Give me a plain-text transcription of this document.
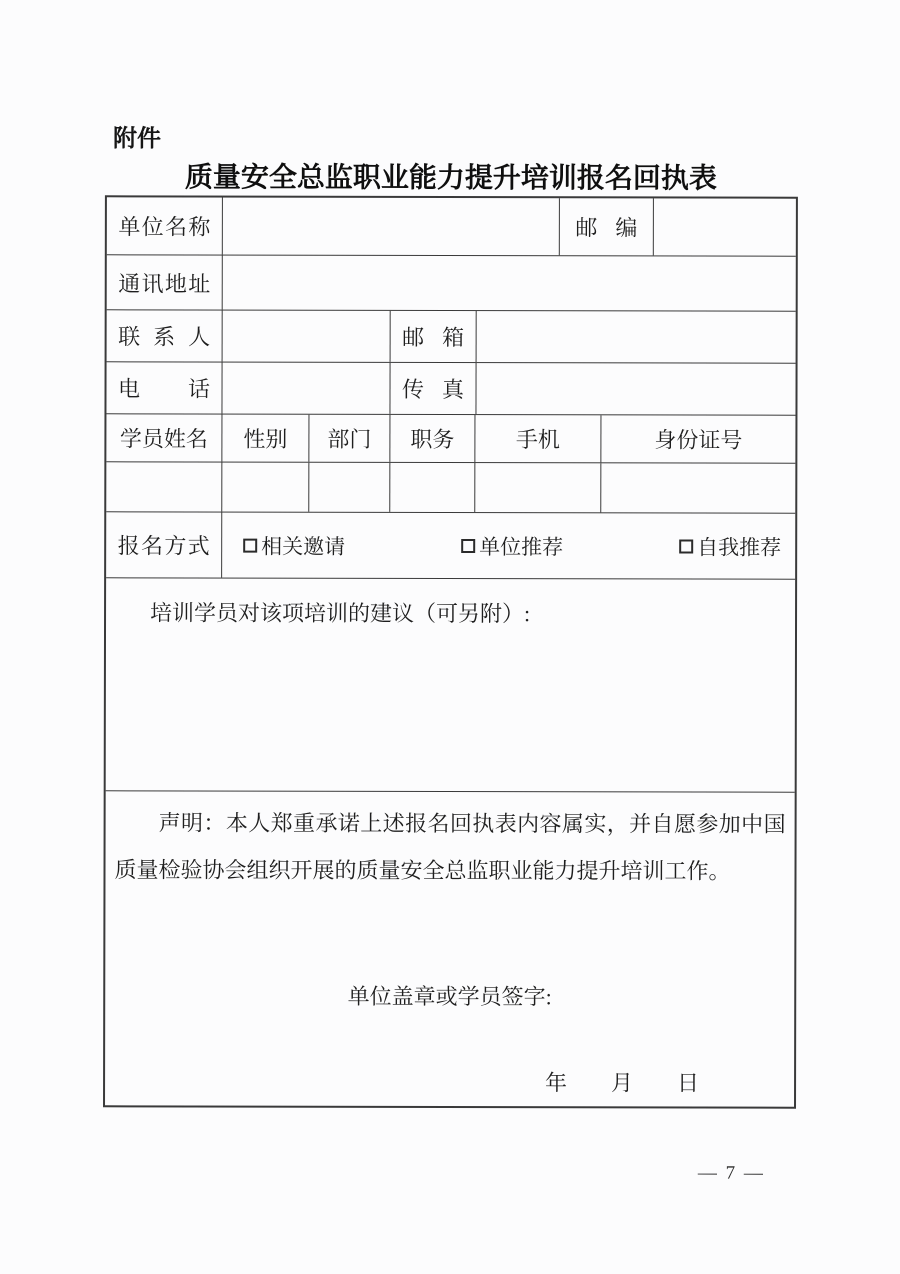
附件
质量安全总监职业能力提升培训报名回执表
单位名称	邮编
通讯地址
联系人	邮箱
电话	传真
学员姓名 性别 部门 职务	手机	身份证号
报名方式 相关邀请	单位推荐	自我推荐
培训学员对该项培训的建议（可另附）:
声明：本人郑重承诺上述报名回执表内容属实，并自愿参加中国
质量检验协会组织开展的质量安全总监职业能力提升培训工作。
单位盖章或学员签字:
年　　月　　日
— 7 —
